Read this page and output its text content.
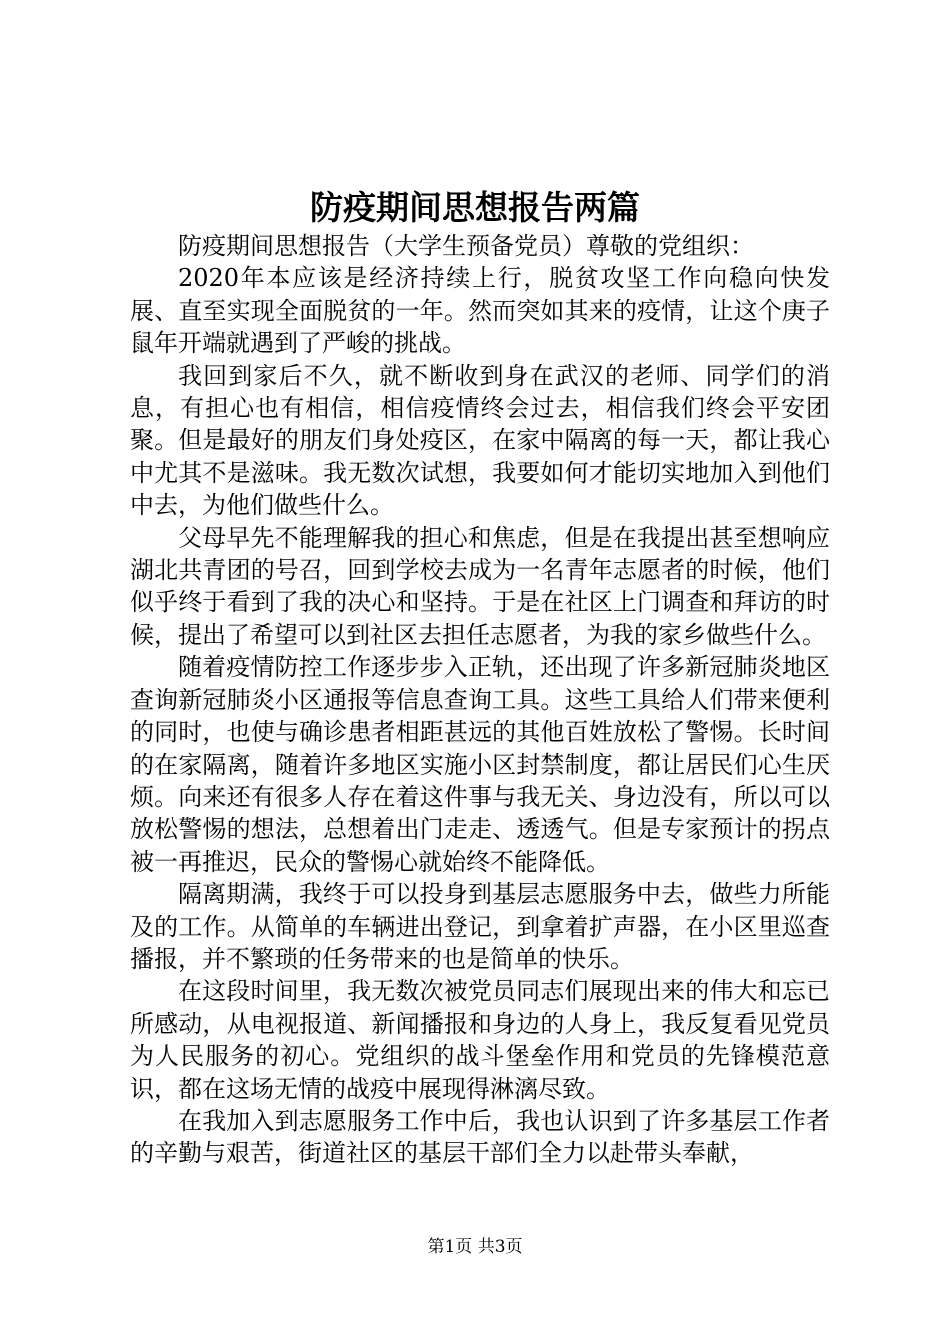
防疫期间思想报告两篇

防疫期间思想报告（大学生预备党员）尊敬的党组织：

2020年本应该是经济持续上行，脱贫攻坚工作向稳向快发展、直至实现全面脱贫的一年。然而突如其来的疫情，让这个庚子鼠年开端就遇到了严峻的挑战。

我回到家后不久，就不断收到身在武汉的老师、同学们的消息，有担心也有相信，相信疫情终会过去，相信我们终会平安团聚。但是最好的朋友们身处疫区，在家中隔离的每一天，都让我心中尤其不是滋味。我无数次试想，我要如何才能切实地加入到他们中去，为他们做些什么。

父母早先不能理解我的担心和焦虑，但是在我提出甚至想响应湖北共青团的号召，回到学校去成为一名青年志愿者的时候，他们似乎终于看到了我的决心和坚持。于是在社区上门调查和拜访的时候，提出了希望可以到社区去担任志愿者，为我的家乡做些什么。

随着疫情防控工作逐步步入正轨，还出现了许多新冠肺炎地区查询新冠肺炎小区通报等信息查询工具。这些工具给人们带来便利的同时，也使与确诊患者相距甚远的其他百姓放松了警惕。长时间的在家隔离，随着许多地区实施小区封禁制度，都让居民们心生厌烦。向来还有很多人存在着这件事与我无关、身边没有，所以可以放松警惕的想法，总想着出门走走、透透气。但是专家预计的拐点被一再推迟，民众的警惕心就始终不能降低。

隔离期满，我终于可以投身到基层志愿服务中去，做些力所能及的工作。从简单的车辆进出登记，到拿着扩声器，在小区里巡查播报，并不繁琐的任务带来的也是简单的快乐。

在这段时间里，我无数次被党员同志们展现出来的伟大和忘已所感动，从电视报道、新闻播报和身边的人身上，我反复看见党员为人民服务的初心。党组织的战斗堡垒作用和党员的先锋模范意识，都在这场无情的战疫中展现得淋漓尽致。

在我加入到志愿服务工作中后，我也认识到了许多基层工作者的辛勤与艰苦，街道社区的基层干部们全力以赴带头奉献，

第1页 共3页
